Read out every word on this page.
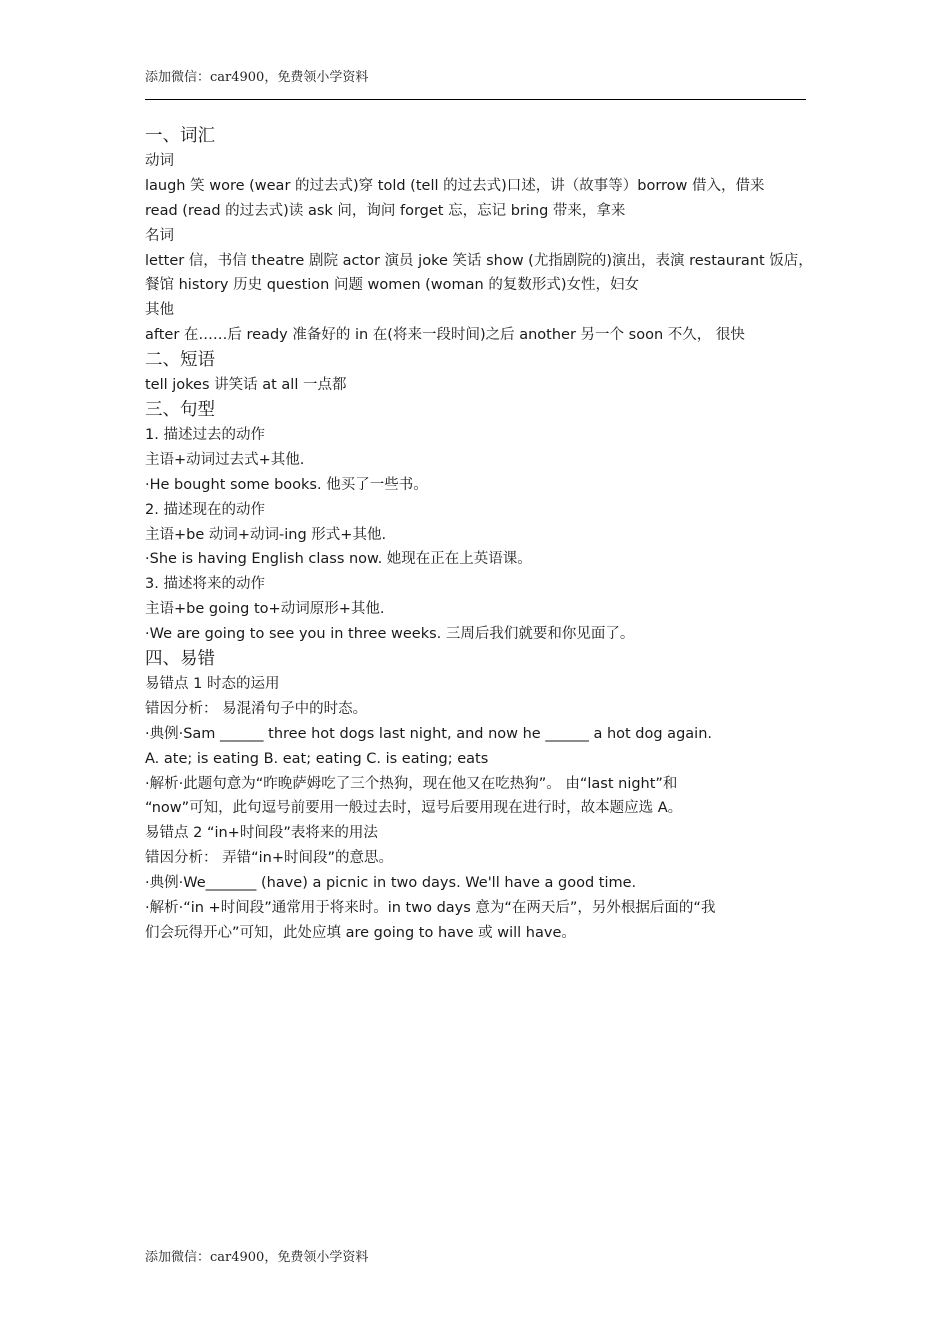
添加微信：car4900，免费领小学资料

一、词汇

动词

laugh 笑 wore (wear 的过去式)穿 told (tell 的过去式)口述，讲（故事等）borrow 借入，借来

read (read 的过去式)读 ask 问，询问 forget 忘，忘记 bring 带来，拿来

名词

letter 信，书信 theatre 剧院 actor 演员 joke 笑话 show (尤指剧院的)演出，表演 restaurant 饭店，

餐馆 history 历史 question 问题 women (woman 的复数形式)女性，妇女

其他

after 在……后 ready 准备好的 in 在(将来一段时间)之后 another 另一个 soon 不久， 很快

二、短语

tell jokes 讲笑话 at all 一点都

三、句型

1. 描述过去的动作

主语+动词过去式+其他.

·He bought some books. 他买了一些书。

2. 描述现在的动作

主语+be 动词+动词-ing 形式+其他.

·She is having English class now. 她现在正在上英语课。

3. 描述将来的动作

主语+be going to+动词原形+其他.

·We are going to see you in three weeks. 三周后我们就要和你见面了。

四、易错

易错点 1 时态的运用

错因分析： 易混淆句子中的时态。

·典例·Sam ______ three hot dogs last night, and now he ______ a hot dog again.

A. ate; is eating B. eat; eating C. is eating; eats

·解析·此题句意为“昨晚萨姆吃了三个热狗，现在他又在吃热狗”。 由“last night”和

“now”可知，此句逗号前要用一般过去时，逗号后要用现在进行时，故本题应选 A。

易错点 2 “in+时间段”表将来的用法

错因分析： 弄错“in+时间段”的意思。

·典例·We_______ (have) a picnic in two days. We'll have a good time.

·解析·“in +时间段”通常用于将来时。in two days 意为“在两天后”，另外根据后面的“我

们会玩得开心”可知，此处应填 are going to have 或 will have。

添加微信：car4900，免费领小学资料
